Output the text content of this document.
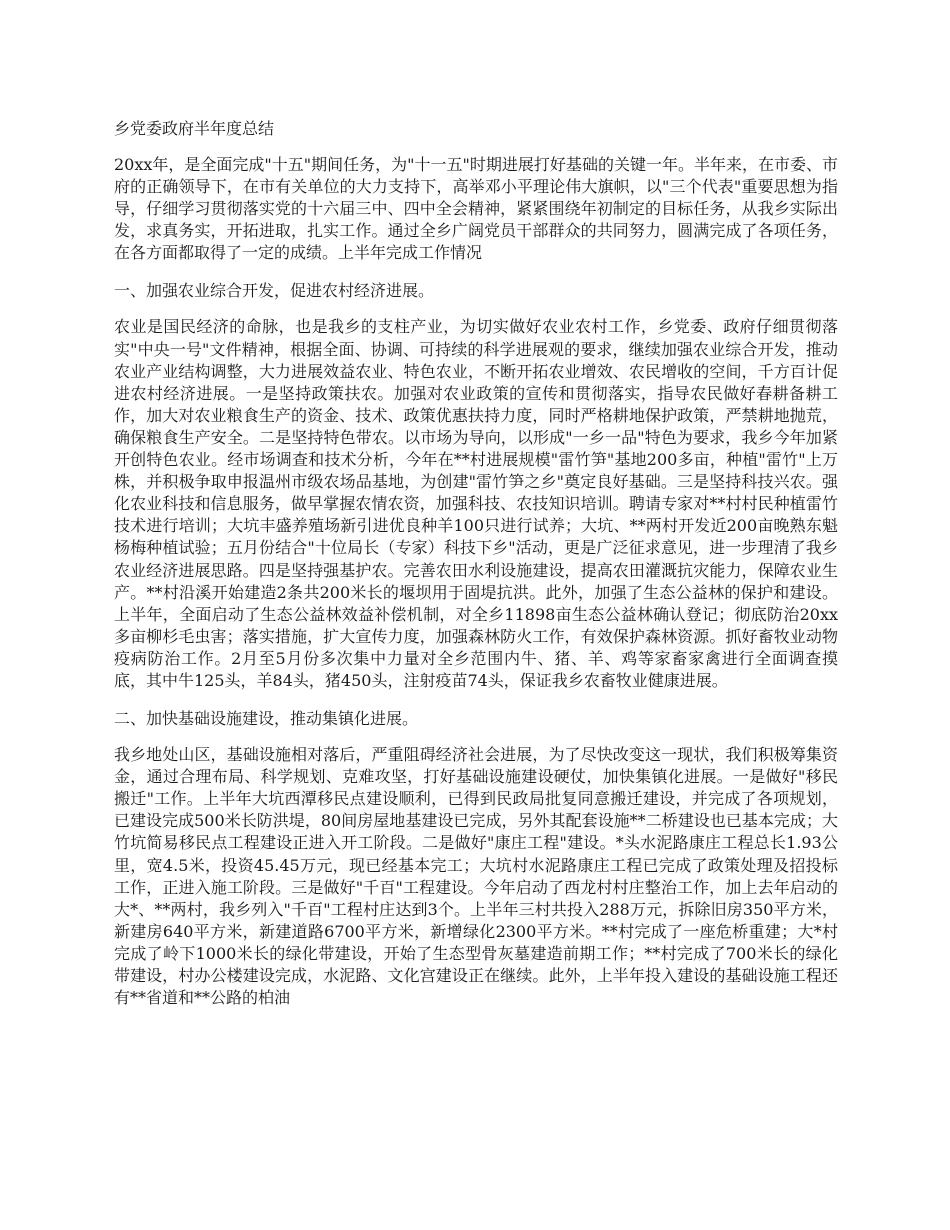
乡党委政府半年度总结

20xx年，是全面完成"十五"期间任务，为"十一五"时期进展打好基础的关键一年。半年来，在市委、市府的正确领导下，在市有关单位的大力支持下，高举邓小平理论伟大旗帜，以"三个代表"重要思想为指导，仔细学习贯彻落实党的十六届三中、四中全会精神，紧紧围绕年初制定的目标任务，从我乡实际出发，求真务实，开拓进取，扎实工作。通过全乡广阔党员干部群众的共同努力，圆满完成了各项任务，在各方面都取得了一定的成绩。上半年完成工作情况

一、加强农业综合开发，促进农村经济进展。

农业是国民经济的命脉，也是我乡的支柱产业，为切实做好农业农村工作，乡党委、政府仔细贯彻落实"中央一号"文件精神，根据全面、协调、可持续的科学进展观的要求，继续加强农业综合开发，推动农业产业结构调整，大力进展效益农业、特色农业，不断开拓农业增效、农民增收的空间，千方百计促进农村经济进展。一是坚持政策扶农。加强对农业政策的宣传和贯彻落实，指导农民做好春耕备耕工作，加大对农业粮食生产的资金、技术、政策优惠扶持力度，同时严格耕地保护政策，严禁耕地抛荒，确保粮食生产安全。二是坚持特色带农。以市场为导向，以形成"一乡一品"特色为要求，我乡今年加紧开创特色农业。经市场调查和技术分析，今年在**村进展规模"雷竹笋"基地200多亩，种植"雷竹"上万株，并积极争取申报温州市级农场品基地，为创建"雷竹笋之乡"奠定良好基础。三是坚持科技兴农。强化农业科技和信息服务，做早掌握农情农资，加强科技、农技知识培训。聘请专家对**村村民种植雷竹技术进行培训；大坑丰盛养殖场新引进优良种羊100只进行试养；大坑、**两村开发近200亩晚熟东魁杨梅种植试验；五月份结合"十位局长（专家）科技下乡"活动，更是广泛征求意见，进一步理清了我乡农业经济进展思路。四是坚持强基护农。完善农田水利设施建设，提高农田灌溉抗灾能力，保障农业生产。**村沿溪开始建造2条共200米长的堰坝用于固堤抗洪。此外，加强了生态公益林的保护和建设。上半年，全面启动了生态公益林效益补偿机制，对全乡11898亩生态公益林确认登记；彻底防治20xx多亩柳杉毛虫害；落实措施，扩大宣传力度，加强森林防火工作，有效保护森林资源。抓好畜牧业动物疫病防治工作。2月至5月份多次集中力量对全乡范围内牛、猪、羊、鸡等家畜家禽进行全面调查摸底，其中牛125头，羊84头，猪450头，注射疫苗74头，保证我乡农畜牧业健康进展。

二、加快基础设施建设，推动集镇化进展。

我乡地处山区，基础设施相对落后，严重阻碍经济社会进展，为了尽快改变这一现状，我们积极筹集资金，通过合理布局、科学规划、克难攻坚，打好基础设施建设硬仗，加快集镇化进展。一是做好"移民搬迁"工作。上半年大坑西潭移民点建设顺利，已得到民政局批复同意搬迁建设，并完成了各项规划，已建设完成500米长防洪堤，80间房屋地基建设已完成，另外其配套设施**二桥建设也已基本完成；大竹坑简易移民点工程建设正进入开工阶段。二是做好"康庄工程"建设。*头水泥路康庄工程总长1.93公里，宽4.5米，投资45.45万元，现已经基本完工；大坑村水泥路康庄工程已完成了政策处理及招投标工作，正进入施工阶段。三是做好"千百"工程建设。今年启动了西龙村村庄整治工作，加上去年启动的大*、**两村，我乡列入"千百"工程村庄达到3个。上半年三村共投入288万元，拆除旧房350平方米，新建房640平方米，新建道路6700平方米，新增绿化2300平方米。**村完成了一座危桥重建；大*村完成了岭下1000米长的绿化带建设，开始了生态型骨灰墓建造前期工作；**村完成了700米长的绿化带建设，村办公楼建设完成，水泥路、文化宫建设正在继续。此外，上半年投入建设的基础设施工程还有**省道和**公路的柏油
